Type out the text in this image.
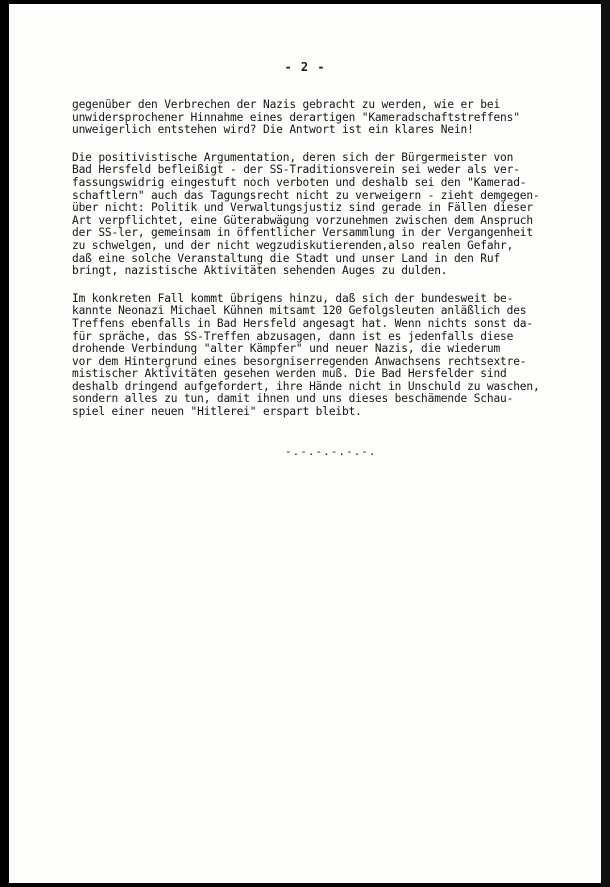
- 2 -

gegenüber den Verbrechen der Nazis gebracht zu werden, wie er bei
unwidersprochener Hinnahme eines derartigen "Kameradschaftstreffens"
unweigerlich entstehen wird? Die Antwort ist ein klares Nein!

Die positivistische Argumentation, deren sich der Bürgermeister von
Bad Hersfeld befleißigt - der SS-Traditionsverein sei weder als ver-
fassungswidrig eingestuft noch verboten und deshalb sei den "Kamerad-
schaftlern" auch das Tagungsrecht nicht zu verweigern - zieht demgegen-
über nicht: Politik und Verwaltungsjustiz sind gerade in Fällen dieser
Art verpflichtet, eine Güterabwägung vorzunehmen zwischen dem Anspruch
der SS-ler, gemeinsam in öffentlicher Versammlung in der Vergangenheit
zu schwelgen, und der nicht wegzudiskutierenden,also realen Gefahr,
daß eine solche Veranstaltung die Stadt und unser Land in den Ruf
bringt, nazistische Aktivitäten sehenden Auges zu dulden.

Im konkreten Fall kommt übrigens hinzu, daß sich der bundesweit be-
kannte Neonazi Michael Kühnen mitsamt 120 Gefolgsleuten anläßlich des
Treffens ebenfalls in Bad Hersfeld angesagt hat. Wenn nichts sonst da-
für spräche, das SS-Treffen abzusagen, dann ist es jedenfalls diese
drohende Verbindung "alter Kämpfer" und neuer Nazis, die wiederum
vor dem Hintergrund eines besorgniserregenden Anwachsens rechtsextre-
mistischer Aktivitäten gesehen werden muß. Die Bad Hersfelder sind
deshalb dringend aufgefordert, ihre Hände nicht in Unschuld zu waschen,
sondern alles zu tun, damit ihnen und uns dieses beschämende Schau-
spiel einer neuen "Hitlerei" erspart bleibt.

-.-.-.-.-.-.
